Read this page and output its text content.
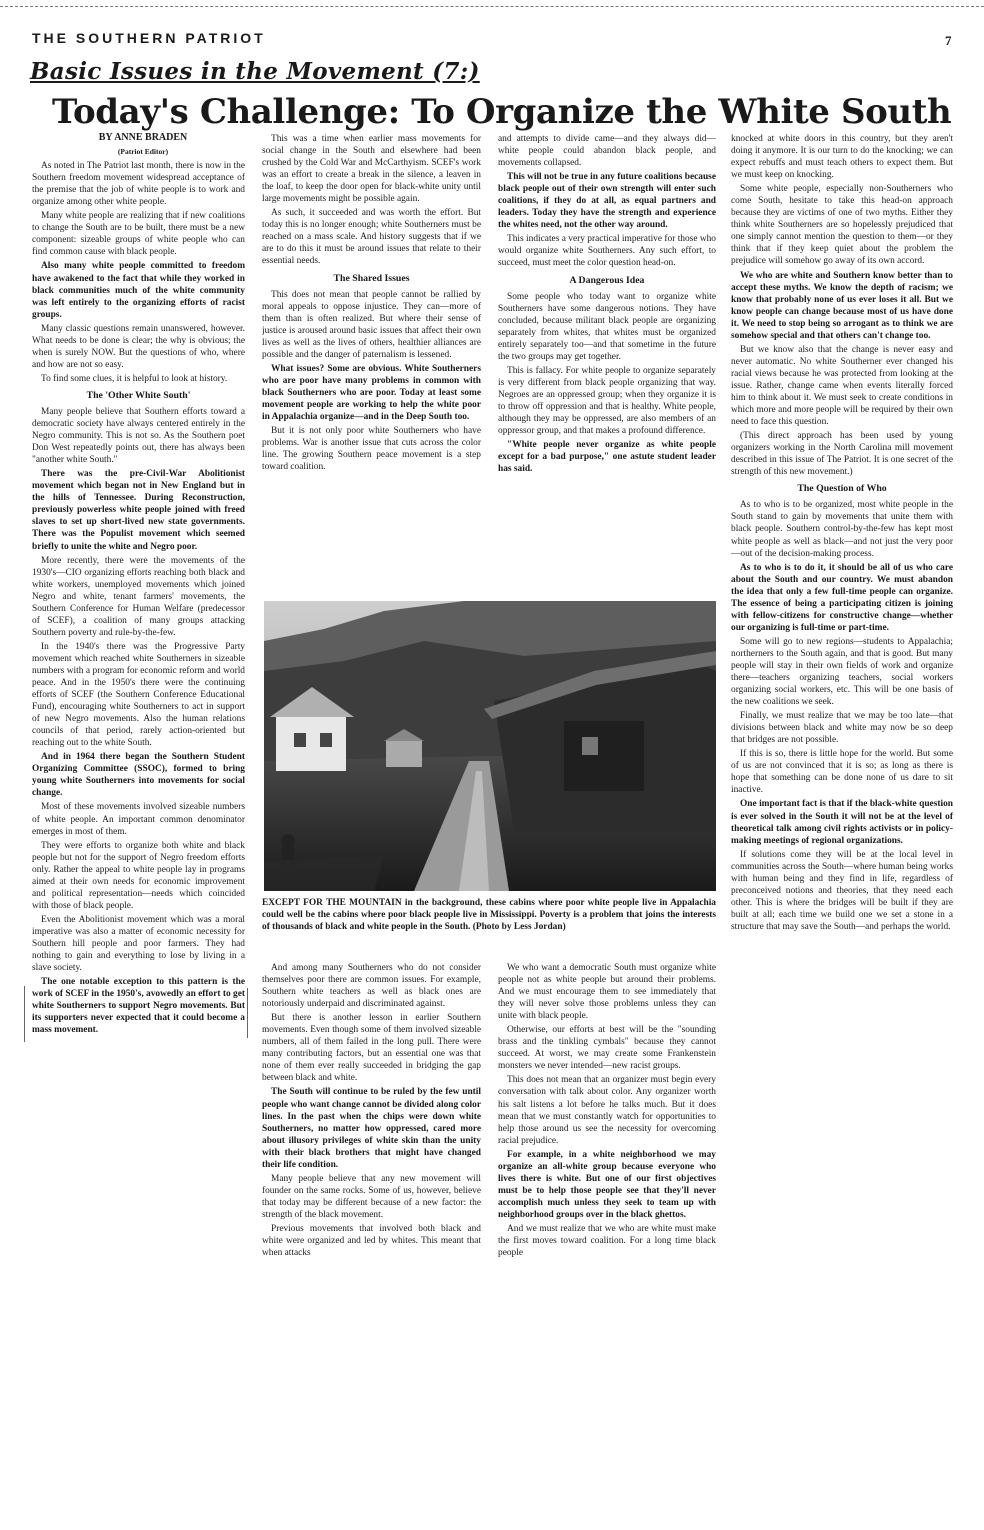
THE SOUTHERN PATRIOT	7
Basic Issues in the Movement (7:)
Today's Challenge: To Organize the White South

BY ANNE BRADEN

(Patriot Editor)

As noted in The Patriot last month, there is now in the Southern freedom movement widespread acceptance of the premise that the job of white people is to work and organize among other white people.

Many white people are realizing that if new coalitions to change the South are to be built, there must be a new component: sizeable groups of white people who can find common cause with black people.

Also many white people committed to freedom have awakened to the fact that while they worked in black communities much of the white community was left entirely to the organizing efforts of racist groups.

Many classic questions remain unanswered, however. What needs to be done is clear; the why is obvious; the when is surely NOW. But the questions of who, where and how are not so easy.

To find some clues, it is helpful to look at history.

The 'Other White South'

Many people believe that Southern efforts toward a democratic society have always centered entirely in the Negro community. This is not so. As the Southern poet Don West repeatedly points out, there has always been "another white South."

There was the pre-Civil-War Abolitionist movement which began not in New England but in the hills of Tennessee. During Reconstruction, previously powerless white people joined with freed slaves to set up short-lived new state governments. There was the Populist movement which seemed briefly to unite the white and Negro poor.

More recently, there were the movements of the 1930's—CIO organizing efforts reaching both black and white workers, unemployed movements which joined Negro and white, tenant farmers' movements, the Southern Conference for Human Welfare (predecessor of SCEF), a coalition of many groups attacking Southern poverty and rule-by-the-few.

In the 1940's there was the Progressive Party movement which reached white Southerners in sizeable numbers with a program for economic reform and world peace. And in the 1950's there were the continuing efforts of SCEF (the Southern Conference Educational Fund), encouraging white Southerners to act in support of new Negro movements. Also the human relations councils of that period, rarely action-oriented but reaching out to the white South.

And in 1964 there began the Southern Student Organizing Committee (SSOC), formed to bring young white Southerners into movements for social change.

Most of these movements involved sizeable numbers of white people. An important common denominator emerges in most of them.

They were efforts to organize both white and black people but not for the support of Negro freedom efforts only. Rather the appeal to white people lay in programs aimed at their own needs for economic improvement and political representation—needs which coincided with those of black people.

Even the Abolitionist movement which was a moral imperative was also a matter of economic necessity for Southern hill people and poor farmers. They had nothing to gain and everything to lose by living in a slave society.

The one notable exception to this pattern is the work of SCEF in the 1950's, avowedly an effort to get white Southerners to support Negro movements. But its supporters never expected that it could become a mass movement.

This was a time when earlier mass movements for social change in the South and elsewhere had been crushed by the Cold War and McCarthyism. SCEF's work was an effort to create a break in the silence, a leaven in the loaf, to keep the door open for black-white unity until large movements might be possible again.

As such, it succeeded and was worth the effort. But today this is no longer enough; white Southerners must be reached on a mass scale. And history suggests that if we are to do this it must be around issues that relate to their essential needs.

The Shared Issues

This does not mean that people cannot be rallied by moral appeals to oppose injustice. They can—more of them than is often realized. But where their sense of justice is aroused around basic issues that affect their own lives as well as the lives of others, healthier alliances are possible and the danger of paternalism is lessened.

What issues? Some are obvious. White Southerners who are poor have many problems in common with black Southerners who are poor. Today at least some movement people are working to help the white poor in Appalachia organize—and in the Deep South too.

But it is not only poor white Southerners who have problems. War is another issue that cuts across the color line. The growing Southern peace movement is a step toward coalition.

and attempts to divide came—and they always did—white people could abandon black people, and movements collapsed.

This will not be true in any future coalitions because black people out of their own strength will enter such coalitions, if they do at all, as equal partners and leaders. Today they have the strength and experience the whites need, not the other way around.

This indicates a very practical imperative for those who would organize white Southerners. Any such effort, to succeed, must meet the color question head-on.

A Dangerous Idea

Some people who today want to organize white Southerners have some dangerous notions. They have concluded, because militant black people are organizing separately from whites, that whites must be organized entirely separately too—and that sometime in the future the two groups may get together.

This is fallacy. For white people to organize separately is very different from black people organizing that way. Negroes are an oppressed group; when they organize it is to throw off oppression and that is healthy. White people, although they may be oppressed, are also members of an oppressor group, and that makes a profound difference.

"White people never organize as white people except for a bad purpose," one astute student leader has said.

knocked at white doors in this country, but they aren't doing it anymore. It is our turn to do the knocking; we can expect rebuffs and must teach others to expect them. But we must keep on knocking.

Some white people, especially non-Southerners who come South, hesitate to take this head-on approach because they are victims of one of two myths. Either they think white Southerners are so hopelessly prejudiced that one simply cannot mention the question to them—or they think that if they keep quiet about the problem the prejudice will somehow go away of its own accord.

We who are white and Southern know better than to accept these myths. We know the depth of racism; we know that probably none of us ever loses it all. But we know people can change because most of us have done it. We need to stop being so arrogant as to think we are somehow special and that others can't change too.

But we know also that the change is never easy and never automatic. No white Southerner ever changed his racial views because he was protected from looking at the issue. Rather, change came when events literally forced him to think about it. We must seek to create conditions in which more and more people will be required by their own need to face this question.

(This direct approach has been used by young organizers working in the North Carolina mill movement described in this issue of The Patriot. It is one secret of the strength of this new movement.)

The Question of Who

As to who is to be organized, most white people in the South stand to gain by movements that unite them with black people. Southern control-by-the-few has kept most white people as well as black—and not just the very poor—out of the decision-making process.

As to who is to do it, it should be all of us who care about the South and our country. We must abandon the idea that only a few full-time people can organize. The essence of being a participating citizen is joining with fellow-citizens for constructive change—whether our organizing is full-time or part-time.

Some will go to new regions—students to Appalachia; northerners to the South again, and that is good. But many people will stay in their own fields of work and organize there—teachers organizing teachers, social workers organizing social workers, etc. This will be one basis of the new coalitions we seek.

Finally, we must realize that we may be too late—that divisions between black and white may now be so deep that bridges are not possible.

If this is so, there is little hope for the world. But some of us are not convinced that it is so; as long as there is hope that something can be done none of us dare to sit inactive.

One important fact is that if the black-white question is ever solved in the South it will not be at the level of theoretical talk among civil rights activists or in policy-making meetings of regional organizations.

If solutions come they will be at the local level in communities across the South—where human being works with human being and they find in life, regardless of preconceived notions and theories, that they need each other. This is where the bridges will be built if they are built at all; each time we build one we set a stone in a structure that may save the South—and perhaps the world.

EXCEPT FOR THE MOUNTAIN in the background, these cabins where poor white people live in Appalachia could well be the cabins where poor black people live in Mississippi. Poverty is a problem that joins the interests of thousands of black and white people in the South. (Photo by Less Jordan)

And among many Southerners who do not consider themselves poor there are common issues. For example, Southern white teachers as well as black ones are notoriously underpaid and discriminated against.

But there is another lesson in earlier Southern movements. Even though some of them involved sizeable numbers, all of them failed in the long pull. There were many contributing factors, but an essential one was that none of them ever really succeeded in bridging the gap between black and white.

The South will continue to be ruled by the few until people who want change cannot be divided along color lines. In the past when the chips were down white Southerners, no matter how oppressed, cared more about illusory privileges of white skin than the unity with their black brothers that might have changed their life condition.

Many people believe that any new movement will founder on the same rocks. Some of us, however, believe that today may be different because of a new factor: the strength of the black movement.

Previous movements that involved both black and white were organized and led by whites. This meant that when attacks

We who want a democratic South must organize white people not as white people but around their problems. And we must encourage them to see immediately that they will never solve those problems unless they can unite with black people.

Otherwise, our efforts at best will be the "sounding brass and the tinkling cymbals" because they cannot succeed. At worst, we may create some Frankenstein monsters we never intended—new racist groups.

This does not mean that an organizer must begin every conversation with talk about color. Any organizer worth his salt listens a lot before he talks much. But it does mean that we must constantly watch for opportunities to help those around us see the necessity for overcoming racial prejudice.

For example, in a white neighborhood we may organize an all-white group because everyone who lives there is white. But one of our first objectives must be to help those people see that they'll never accomplish much unless they seek to team up with neighborhood groups over in the black ghettos.

And we must realize that we who are white must make the first moves toward coalition. For a long time black people
